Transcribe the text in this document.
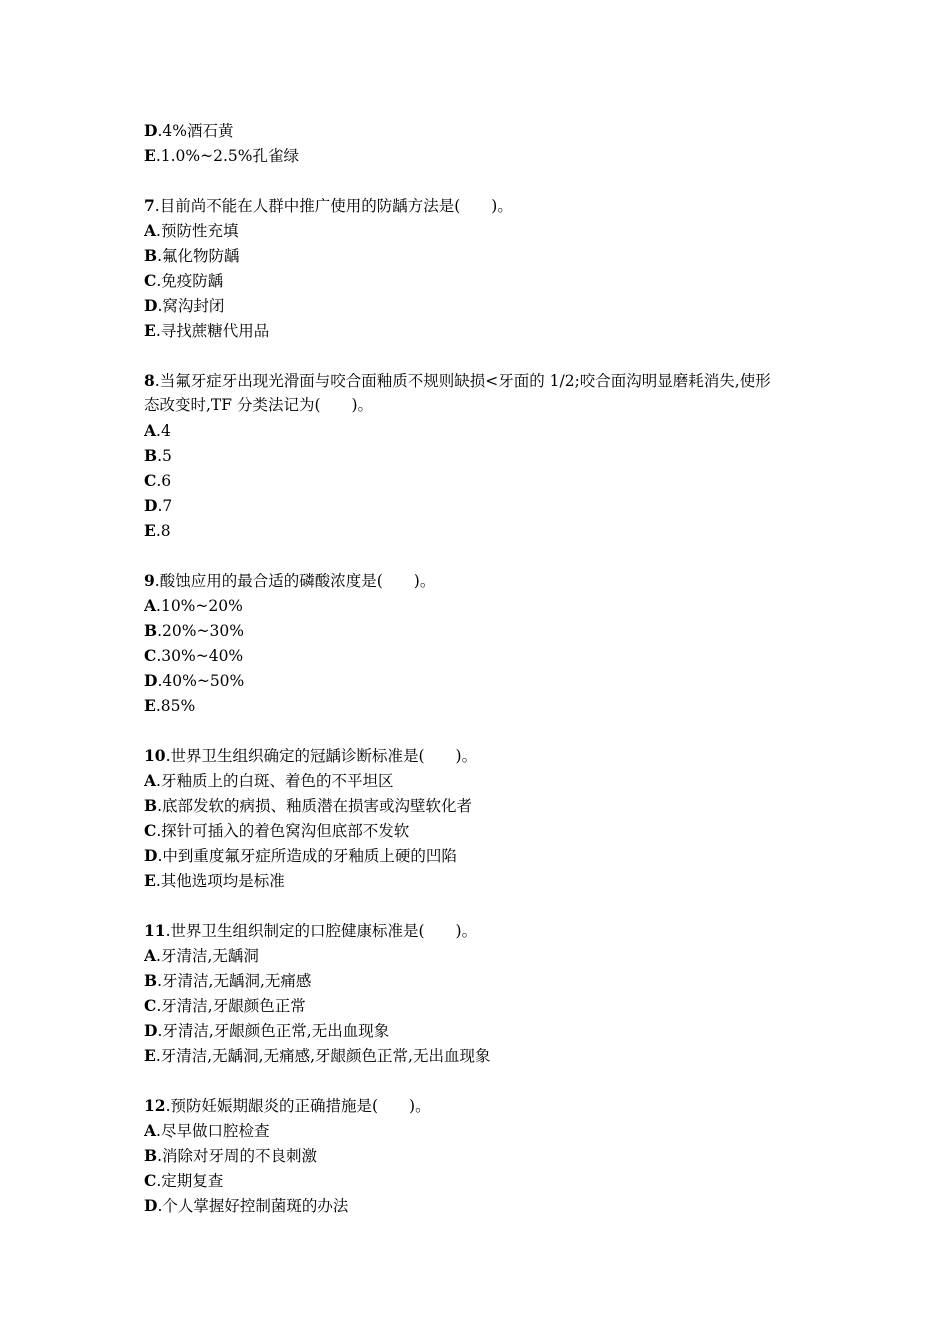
D.4%酒石黄
E.1.0%~2.5%孔雀绿
7.目前尚不能在人群中推广使用的防龋方法是(　　)。
A.预防性充填
B.氟化物防龋
C.免疫防龋
D.窝沟封闭
E.寻找蔗糖代用品
8.当氟牙症牙出现光滑面与咬合面釉质不规则缺损<牙面的 1/2;咬合面沟明显磨耗消失,使形
态改变时,TF 分类法记为(　　)。
A.4
B.5
C.6
D.7
E.8
9.酸蚀应用的最合适的磷酸浓度是(　　)。
A.10%~20%
B.20%~30%
C.30%~40%
D.40%~50%
E.85%
10.世界卫生组织确定的冠龋诊断标准是(　　)。
A.牙釉质上的白斑、着色的不平坦区
B.底部发软的病损、釉质潜在损害或沟壁软化者
C.探针可插入的着色窝沟但底部不发软
D.中到重度氟牙症所造成的牙釉质上硬的凹陷
E.其他选项均是标准
11.世界卫生组织制定的口腔健康标准是(　　)。
A.牙清洁,无龋洞
B.牙清洁,无龋洞,无痛感
C.牙清洁,牙龈颜色正常
D.牙清洁,牙龈颜色正常,无出血现象
E.牙清洁,无龋洞,无痛感,牙龈颜色正常,无出血现象
12.预防妊娠期龈炎的正确措施是(　　)。
A.尽早做口腔检查
B.消除对牙周的不良刺激
C.定期复查
D.个人掌握好控制菌斑的办法
